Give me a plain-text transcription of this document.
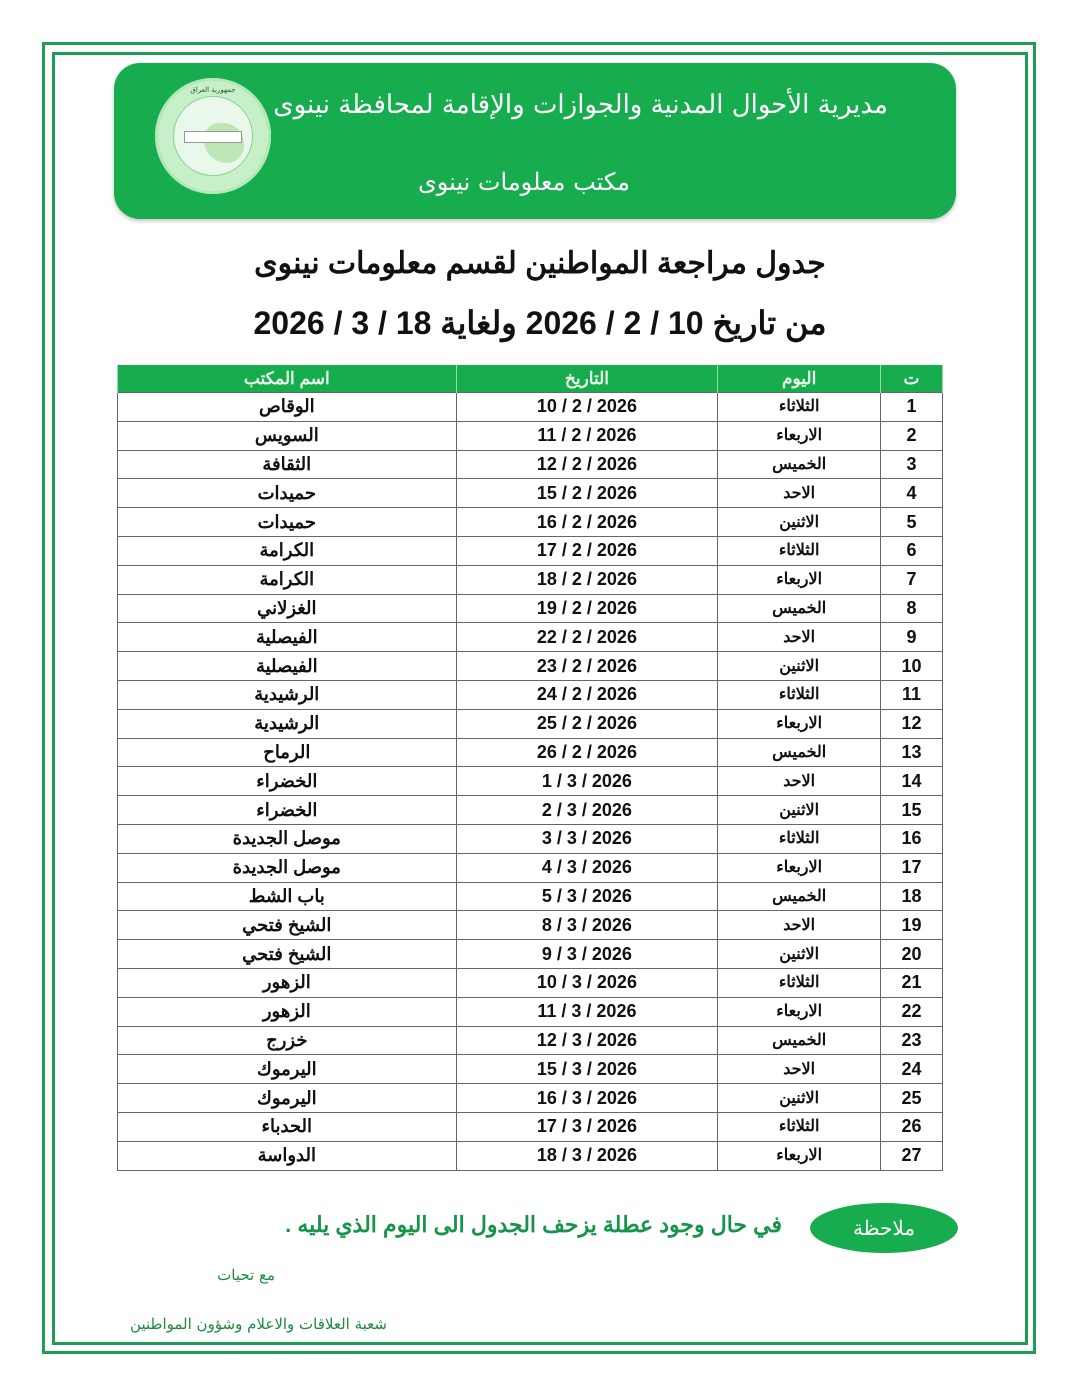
جمهورية العراق	مديرية الأحوال المدنية والجوازات والإقامة لمحافظة نينوى
مكتب معلومات نينوى
جدول مراجعة المواطنين لقسم معلومات نينوى
من تاريخ 10 / 2 / 2026 ولغاية 18 / 3 / 2026
ت	اليوم	التاريخ	اسم المكتب
1	الثلاثاء	10 / 2 / 2026	الوقاص
2	الاربعاء	11 / 2 / 2026	السويس
3	الخميس	12 / 2 / 2026	الثقافة
4	الاحد	15 / 2 / 2026	حميدات
5	الاثنين	16 / 2 / 2026	حميدات
6	الثلاثاء	17 / 2 / 2026	الكرامة
7	الاربعاء	18 / 2 / 2026	الكرامة
8	الخميس	19 / 2 / 2026	الغزلاني
9	الاحد	22 / 2 / 2026	الفيصلية
10	الاثنين	23 / 2 / 2026	الفيصلية
11	الثلاثاء	24 / 2 / 2026	الرشيدية
12	الاربعاء	25 / 2 / 2026	الرشيدية
13	الخميس	26 / 2 / 2026	الرماح
14	الاحد	1 / 3 / 2026	الخضراء
15	الاثنين	2 / 3 / 2026	الخضراء
16	الثلاثاء	3 / 3 / 2026	موصل الجديدة
17	الاربعاء	4 / 3 / 2026	موصل الجديدة
18	الخميس	5 / 3 / 2026	باب الشط
19	الاحد	8 / 3 / 2026	الشيخ فتحي
20	الاثنين	9 / 3 / 2026	الشيخ فتحي
21	الثلاثاء	10 / 3 / 2026	الزهور
22	الاربعاء	11 / 3 / 2026	الزهور
23	الخميس	12 / 3 / 2026	خزرج
24	الاحد	15 / 3 / 2026	اليرموك
25	الاثنين	16 / 3 / 2026	اليرموك
26	الثلاثاء	17 / 3 / 2026	الحدباء
27	الاربعاء	18 / 3 / 2026	الدواسة
ملاحظة
في حال وجود عطلة يزحف الجدول الى اليوم الذي يليه .
مع تحيات
شعبة العلاقات والاعلام وشؤون المواطنين
